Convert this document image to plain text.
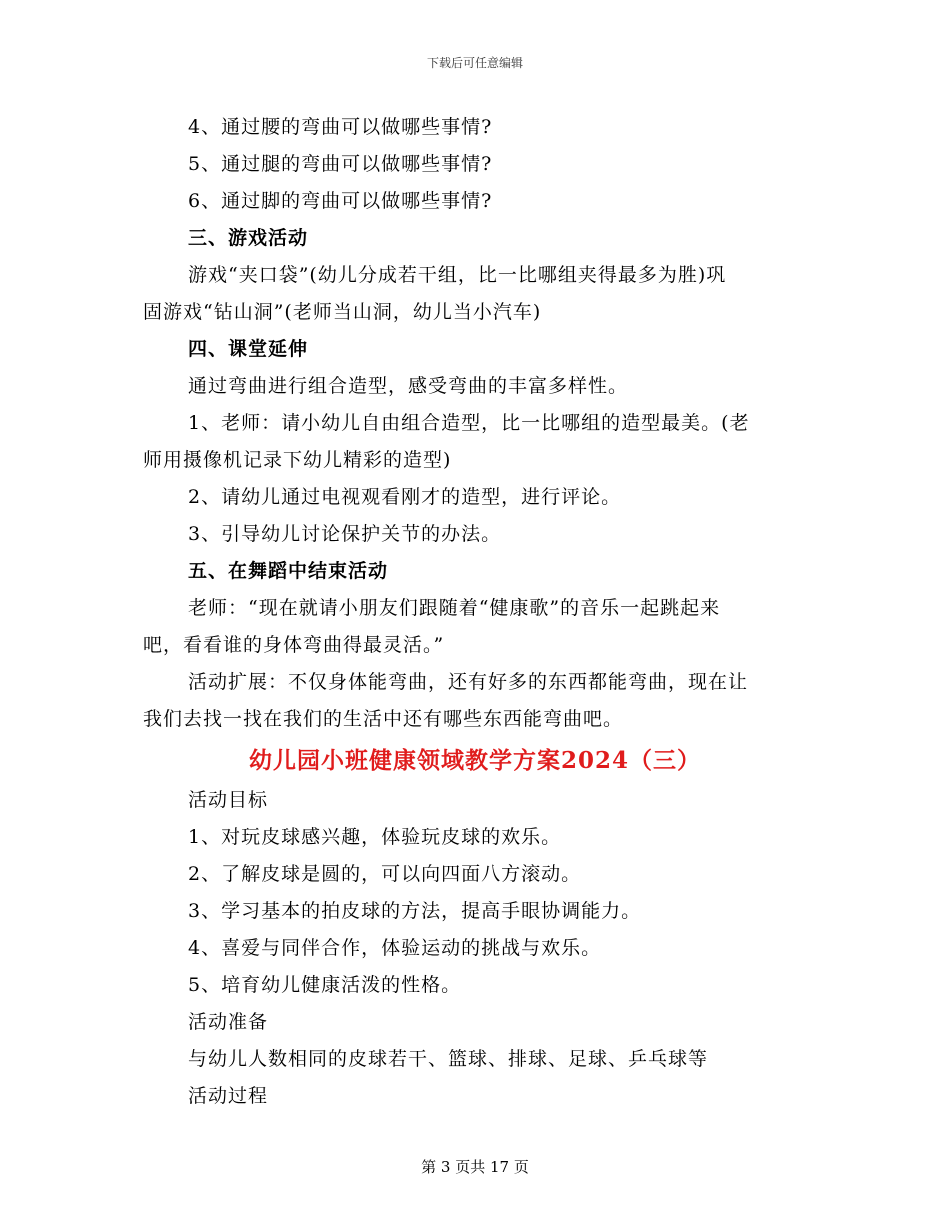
下载后可任意编辑
4、通过腰的弯曲可以做哪些事情?
5、通过腿的弯曲可以做哪些事情?
6、通过脚的弯曲可以做哪些事情?
三、游戏活动
游戏“夹口袋”(幼儿分成若干组，比一比哪组夹得最多为胜)巩
固游戏“钻山洞”(老师当山洞，幼儿当小汽车)
四、课堂延伸
通过弯曲进行组合造型，感受弯曲的丰富多样性。
1、老师：请小幼儿自由组合造型，比一比哪组的造型最美。(老
师用摄像机记录下幼儿精彩的造型)
2、请幼儿通过电视观看刚才的造型，进行评论。
3、引导幼儿讨论保护关节的办法。
五、在舞蹈中结束活动
老师：“现在就请小朋友们跟随着“健康歌”的音乐一起跳起来
吧，看看谁的身体弯曲得最灵活。”
活动扩展：不仅身体能弯曲，还有好多的东西都能弯曲，现在让
我们去找一找在我们的生活中还有哪些东西能弯曲吧。
幼儿园小班健康领域教学方案2024（三）
活动目标
1、对玩皮球感兴趣，体验玩皮球的欢乐。
2、了解皮球是圆的，可以向四面八方滚动。
3、学习基本的拍皮球的方法，提高手眼协调能力。
4、喜爱与同伴合作，体验运动的挑战与欢乐。
5、培育幼儿健康活泼的性格。
活动准备
与幼儿人数相同的皮球若干、篮球、排球、足球、乒乓球等
活动过程
第 3 页共 17 页
